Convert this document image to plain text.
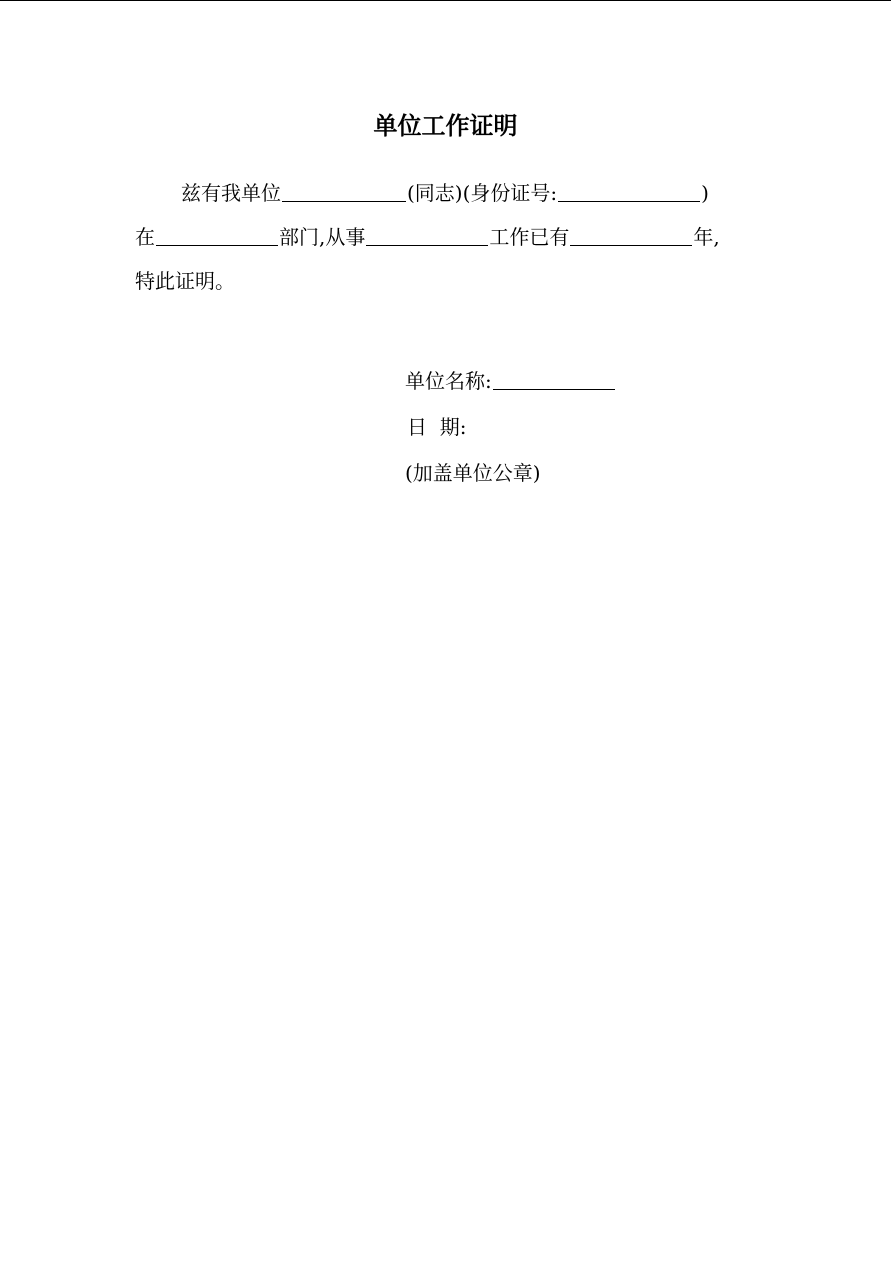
单位工作证明
兹有我单位	(同志)(身份证号:	)
在	部门,从事	工作已有	年,
特此证明。
单位名称:
日  期:
(加盖单位公章)
